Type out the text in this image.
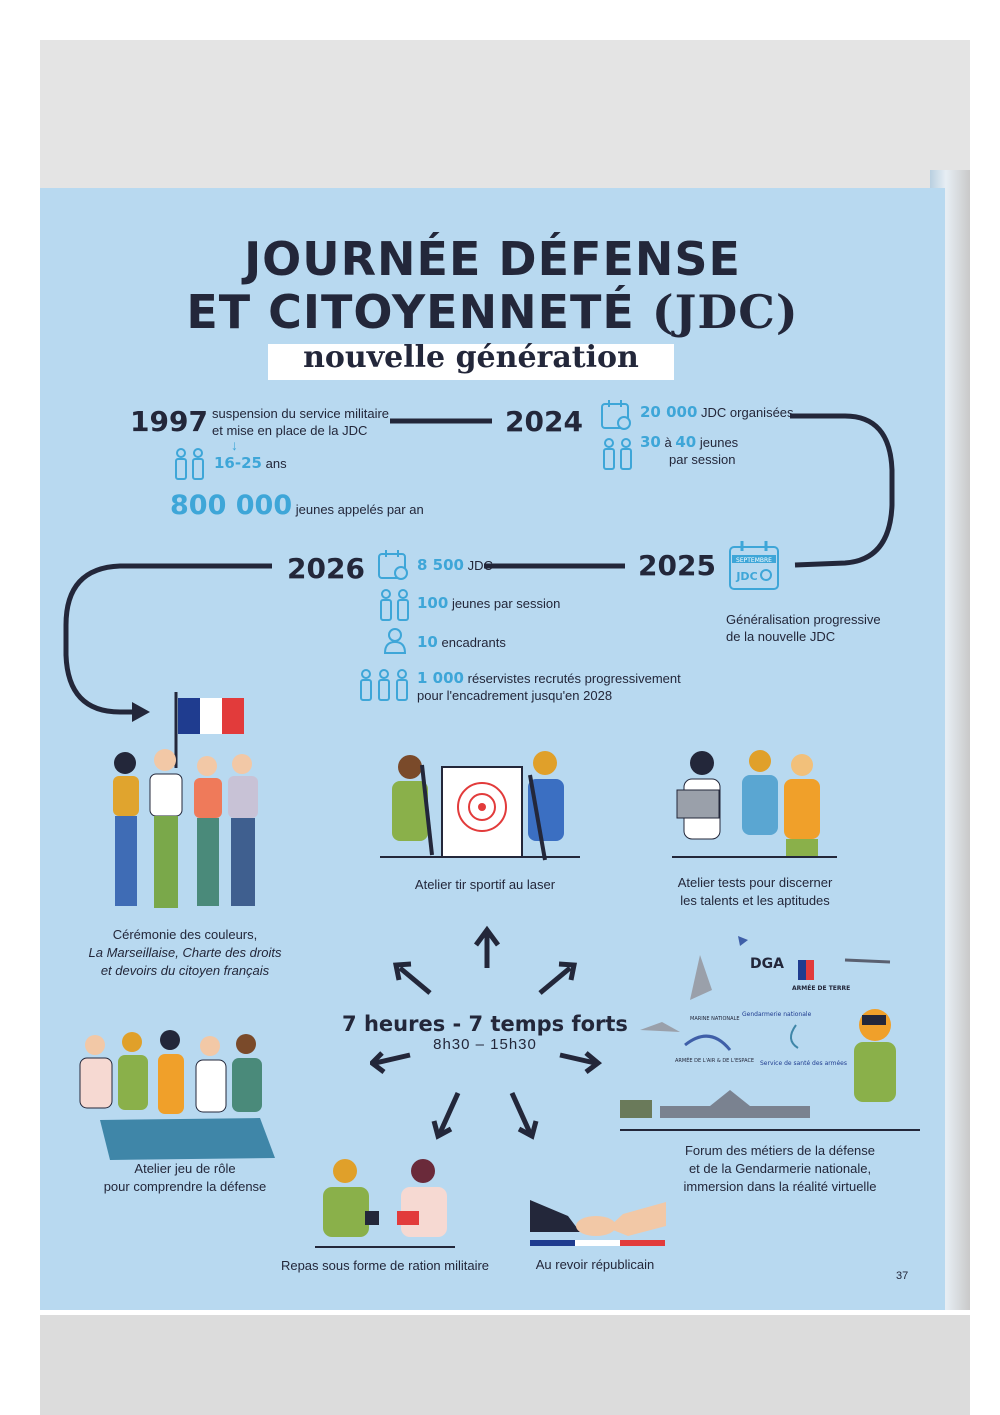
JOURNÉE DÉFENSE
ET CITOYENNETÉ (JDC)
nouvelle génération
1997 suspension du service militaire
et mise en place de la JDC
↓
16-25 ans
800 000 jeunes appelés par an
2024	20 000 JDC organisées
30 à 40 jeunes
par session
2025	SEPTEMBRE
JDC
Généralisation progressive
de la nouvelle JDC
2026	8 500 JDC
100 jeunes par session
10 encadrants
1 000 réservistes recrutés progressivement
pour l'encadrement jusqu'en 2028
Cérémonie des couleurs,
La Marseillaise, Charte des droits
et devoirs du citoyen français
Atelier tir sportif au laser	Atelier tests pour discerner
les talents et les aptitudes
7 heures - 7 temps forts
8h30 – 15h30
Atelier jeu de rôle
pour comprendre la défense
DGA
MARINE NATIONALE
ARMÉE DE TERRE
Gendarmerie nationale
ARMÉE DE L'AIR & DE L'ESPACE Service de santé des armées
Forum des métiers de la défense
et de la Gendarmerie nationale,
immersion dans la réalité virtuelle
Repas sous forme de ration militaire	Au revoir républicain
37
